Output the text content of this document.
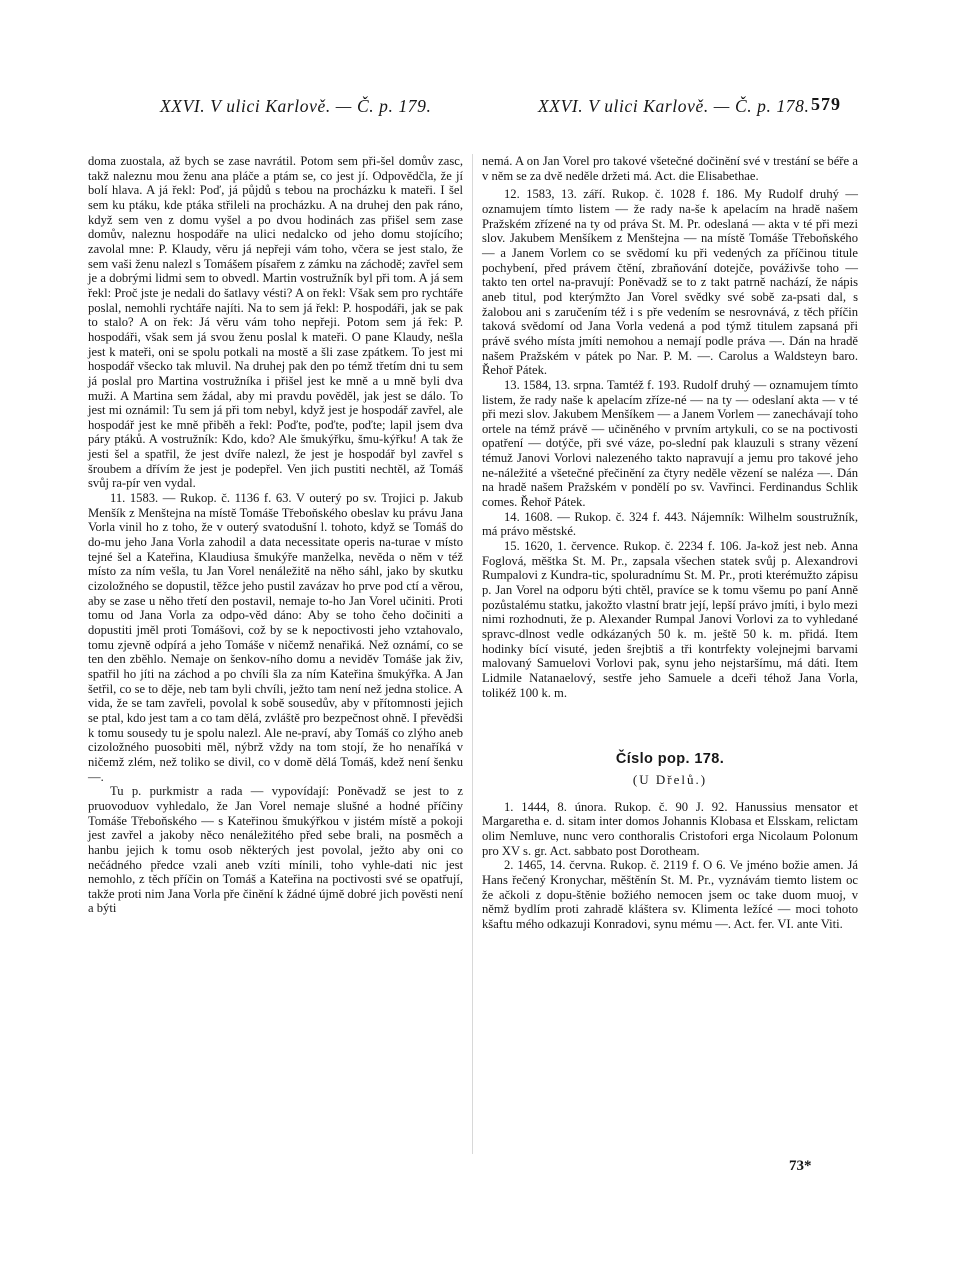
XXVI. V ulici Karlově. — Č. p. 179.	XXVI. V ulici Karlově. — Č. p. 178. 579

doma zuostala, až bych se zase navrátil. Potom sem při-šel domův zasc, takž naleznu mou ženu ana pláče a ptám se, co jest jí. Odpovědčla, že jí bolí hlava. A já řekl: Poď, já půjdů s tebou na procházku k mateři. I šel sem ku ptáku, kde ptáka střileli na procházku. A na druhej den pak ráno, když sem ven z domu vyšel a po dvou hodinách zas přišel sem zase domův, naleznu hospodáře na ulici nedalcko od jeho domu stojícího; zavolal mne: P. Klaudy, věru já nepřeji vám toho, včera se jest stalo, že sem vaši ženu nalezl s Tomášem písařem z zámku na záchodě; zavřel sem je a dobrými lidmi sem to obvedl. Martin vostružník byl při tom. A já sem řekl: Proč jste je nedali do šatlavy vésti? A on řekl: Však sem pro rychtáře poslal, nemohli rychtáře najíti. Na to sem já řekl: P. hospodáři, jak se pak to stalo? A on řek: Já věru vám toho nepřeji. Potom sem já řek: P. hospodáři, však sem já svou ženu poslal k mateři. O pane Klaudy, nešla jest k mateři, oni se spolu potkali na mostě a šli zase zpátkem. To jest mi hospodář všecko tak mluvil. Na druhej pak den po témž třetím dni tu sem já poslal pro Martina vostružníka i přišel jest ke mně a u mně byli dva muži. A Martina sem žádal, aby mi pravdu pověděl, jak jest se dálo. To jest mi oznámil: Tu sem já při tom nebyl, když jest je hospodář zavřel, ale hospodář jest ke mně přiběh a řekl: Poďte, poďte, poďte; lapil jsem dva páry ptáků. A vostružník: Kdo, kdo? Ale šmukýřku, šmu-kýřku! A tak že jesti šel a spatřil, že jest dvíře nalezl, že jest je hospodář byl zavřel s šroubem a dřívím že jest je podepřel. Ven jich pustiti nechtěl, až Tomáš svůj ra-pír ven vydal.

11. 1583. — Rukop. č. 1136 f. 63. V outerý po sv. Trojici p. Jakub Menšík z Menštejna na místě Tomáše Třeboňského obeslav ku právu Jana Vorla vinil ho z toho, že v outerý svatodušní l. tohoto, když se Tomáš do do-mu jeho Jana Vorla zahodil a data necessitate operis na-turae v místo tejné šel a Kateřina, Klaudiusa šmukýře manželka, nevěda o něm v též místo za ním vešla, tu Jan Vorel nenáležitě na něho sáhl, jako by skutku cizoložného se dopustil, těžce jeho pustil zavázav ho prve pod ctí a věrou, aby se zase u něho třetí den postavil, nemaje to-ho Jan Vorel učiniti. Proti tomu od Jana Vorla za odpo-věd dáno: Aby se toho čeho dočiniti a dopustiti jměl proti Tomášovi, což by se k nepoctivosti jeho vztahovalo, tomu zjevně odpírá a jeho Tomáše v ničemž nenařiká. Než oznámí, co se ten den zběhlo. Nemaje on šenkov-ního domu a neviděv Tomáše jak živ, spatřil ho jíti na záchod a po chvíli šla za ním Kateřina šmukýřka. A Jan šetřil, co se to děje, neb tam byli chvíli, ježto tam není než jedna stolice. A vida, že se tam zavřeli, povolal k sobě sousedův, aby v přítomnosti jejich se ptal, kdo jest tam a co tam dělá, zvláště pro bezpečnost ohně. I převědši k tomu sousedy tu je spolu nalezl. Ale ne-praví, aby Tomáš co zlýho aneb cizoložného puosobiti měl, nýbrž vždy na tom stojí, že ho nenaříká v ničemž zlém, než toliko se divil, co v domě dělá Tomáš, kdež není šenku —.

Tu p. purkmistr a rada — vypovídají: Poněvadž se jest to z pruovoduov vyhledalo, že Jan Vorel nemaje slušné a hodné příčiny Tomáše Třeboňského — s Kateřinou šmukýřkou v jistém místě a pokoji jest zavřel a jakoby něco nenáležitého před sebe brali, na posměch a hanbu jejich k tomu osob některých jest povolal, ježto aby oni co nečádného předce vzali aneb vzíti mínili, toho vyhle-dati nic jest nemohlo, z těch příčin on Tomáš a Kateřina na poctivosti své se opatřují, takže proti nim Jana Vorla pře činění k žádné újmě dobré jich pověsti není a býti

nemá. A on Jan Vorel pro takové všetečné dočinění své v trestání se béře a v něm se za dvě neděle držeti má. Act. die Elisabethae.

12. 1583, 13. září. Rukop. č. 1028 f. 186. My Rudolf druhý — oznamujem tímto listem — že rady na-še k apelacím na hradě našem Pražském zřízené na ty od práva St. M. Pr. odeslaná — akta v té při mezi slov. Jakubem Menšíkem z Menštejna — na místě Tomáše Třeboňského — a Janem Vorlem co se svědomí ku při vedených za příčinou titule pochybení, před právem čtění, zbraňování dotejče, pováživše toho — takto ten ortel na-pravují: Poněvadž se to z takt patrně nachází, že nápis aneb titul, pod kterýmžto Jan Vorel svědky své sobě za-psati dal, s žalobou ani s zaručením též i s pře vedením se nesrovnává, z těch příčin taková svědomí od Jana Vorla vedená a pod týmž titulem zapsaná při právě svého místa jmíti nemohou a nemají podle práva —. Dán na hradě našem Pražském v pátek po Nar. P. M. —. Carolus a Waldsteyn baro. Řehoř Pátek.

13. 1584, 13. srpna. Tamtéž f. 193. Rudolf druhý — oznamujem tímto listem, že rady naše k apelacím zříze-né — na ty — odeslaní akta — v té při mezi slov. Jakubem Menšíkem — a Janem Vorlem — zanechávají toho ortele na témž právě — učiněného v prvním artykuli, co se na poctivosti opatření — dotýče, při své váze, po-slední pak klauzuli s strany vězení témuž Janovi Vorlovi nalezeného takto napravují a jemu pro takové jeho ne-náležité a všetečné přečinění za čtyry neděle vězení se naléza —. Dán na hradě našem Pražském v pondělí po sv. Vavřinci. Ferdinandus Schlik comes. Řehoř Pátek.

14. 1608. — Rukop. č. 324 f. 443. Nájemník: Wilhelm soustružník, má právo městské.

15. 1620, 1. července. Rukop. č. 2234 f. 106. Ja-kož jest neb. Anna Foglová, měštka St. M. Pr., zapsala všechen statek svůj p. Alexandrovi Rumpalovi z Kundra-tic, spoluradnímu St. M. Pr., proti kterémužto zápisu p. Jan Vorel na odporu býti chtěl, pravíce se k tomu všemu po paní Anně pozůstalému statku, jakožto vlastní bratr její, lepší právo jmíti, i bylo mezi nimi rozhodnuti, že p. Alexander Rumpal Janovi Vorlovi za to vyhledané spravc-dlnost vedle odkázaných 50 k. m. ještě 50 k. m. přidá. Item hodinky bící visuté, jeden šrejbtiš a tři kontrfekty volejnejmi barvami malovaný Samuelovi Vorlovi pak, synu jeho nejstaršímu, má dáti. Item Lidmile Natanaelový, sestře jeho Samuele a dceři téhož Jana Vorla, tolikéž 100 k. m.

Číslo pop. 178.
(U Dřelů.)

1. 1444, 8. února. Rukop. č. 90 J. 92. Hanussius mensator et Margaretha e. d. sitam inter domos Johannis Klobasa et Elsskam, relictam olim Nemluve, nunc vero conthoralis Cristofori erga Nicolaum Polonum pro XV s. gr. Act. sabbato post Dorotheam.

2. 1465, 14. června. Rukop. č. 2119 f. O 6. Ve jméno božie amen. Já Hans řečený Kronychar, měštěnín St. M. Pr., vyznávám tiemto listem oc že ačkoli z dopu-štěnie božiého nemocen jsem oc take duom muoj, v němž bydlím proti zahradě kláštera sv. Klimenta ležícé — moci tohoto kšaftu mého odkazuji Konradovi, synu mému —. Act. fer. VI. ante Viti.

73*
